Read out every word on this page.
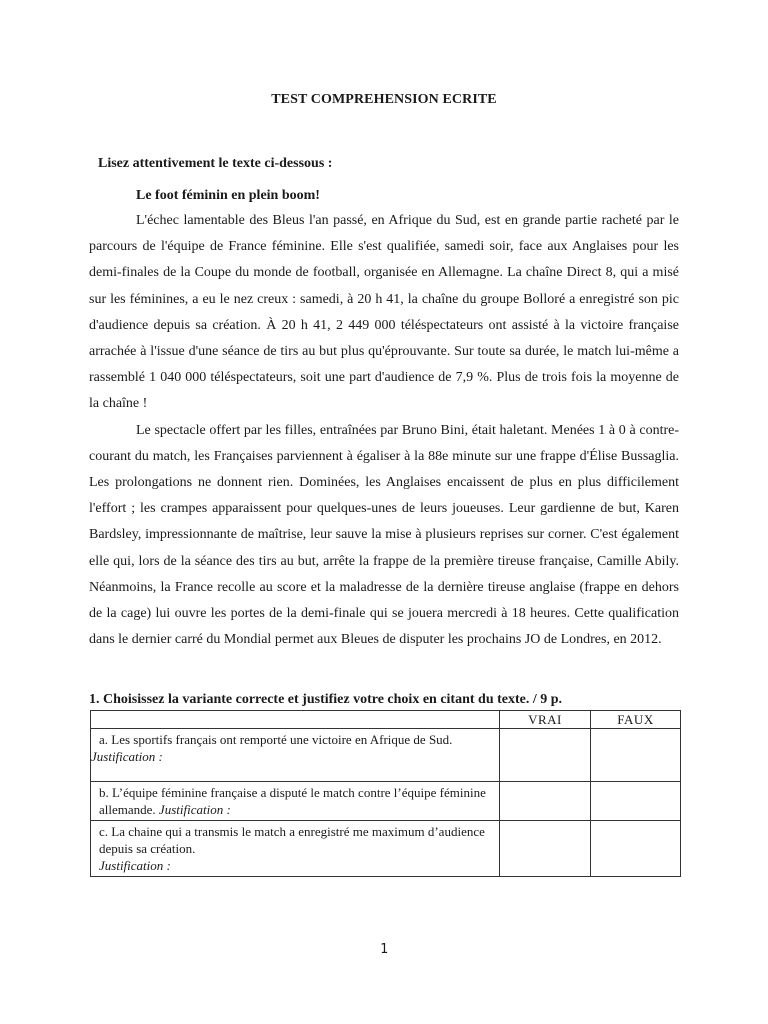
TEST COMPREHENSION ECRITE
Lisez attentivement le texte ci-dessous :
Le foot féminin en plein boom!

L'échec lamentable des Bleus l'an passé, en Afrique du Sud, est en grande partie racheté par le parcours de l'équipe de France féminine. Elle s'est qualifiée, samedi soir, face aux Anglaises pour les demi-finales de la Coupe du monde de football, organisée en Allemagne. La chaîne Direct 8, qui a misé sur les féminines, a eu le nez creux : samedi, à 20 h 41, la chaîne du groupe Bolloré a enregistré son pic d'audience depuis sa création. À 20 h 41, 2 449 000 téléspectateurs ont assisté à la victoire française arrachée à l'issue d'une séance de tirs au but plus qu'éprouvante. Sur toute sa durée, le match lui-même a rassemblé 1 040 000 téléspectateurs, soit une part d'audience de 7,9 %. Plus de trois fois la moyenne de la chaîne !

Le spectacle offert par les filles, entraînées par Bruno Bini, était haletant. Menées 1 à 0 à contre-courant du match, les Françaises parviennent à égaliser à la 88e minute sur une frappe d'Élise Bussaglia. Les prolongations ne donnent rien. Dominées, les Anglaises encaissent de plus en plus difficilement l'effort ; les crampes apparaissent pour quelques-unes de leurs joueuses. Leur gardienne de but, Karen Bardsley, impressionnante de maîtrise, leur sauve la mise à plusieurs reprises sur corner. C'est également elle qui, lors de la séance des tirs au but, arrête la frappe de la première tireuse française, Camille Abily. Néanmoins, la France recolle au score et la maladresse de la dernière tireuse anglaise (frappe en dehors de la cage) lui ouvre les portes de la demi-finale qui se jouera mercredi à 18 heures. Cette qualification dans le dernier carré du Mondial permet aux Bleues de disputer les prochains JO de Londres, en 2012.

1. Choisissez la variante correcte et justifiez votre choix en citant du texte. / 9 p.
	VRAI	FAUX

a. Les sportifs français ont remporté une victoire en Afrique de Sud.
Justification :		

b. L’équipe féminine française a disputé le match contre l’équipe féminine allemande. Justification :		

c. La chaine qui a transmis le match a enregistré me maximum d’audience depuis sa création.
Justification :		

1
